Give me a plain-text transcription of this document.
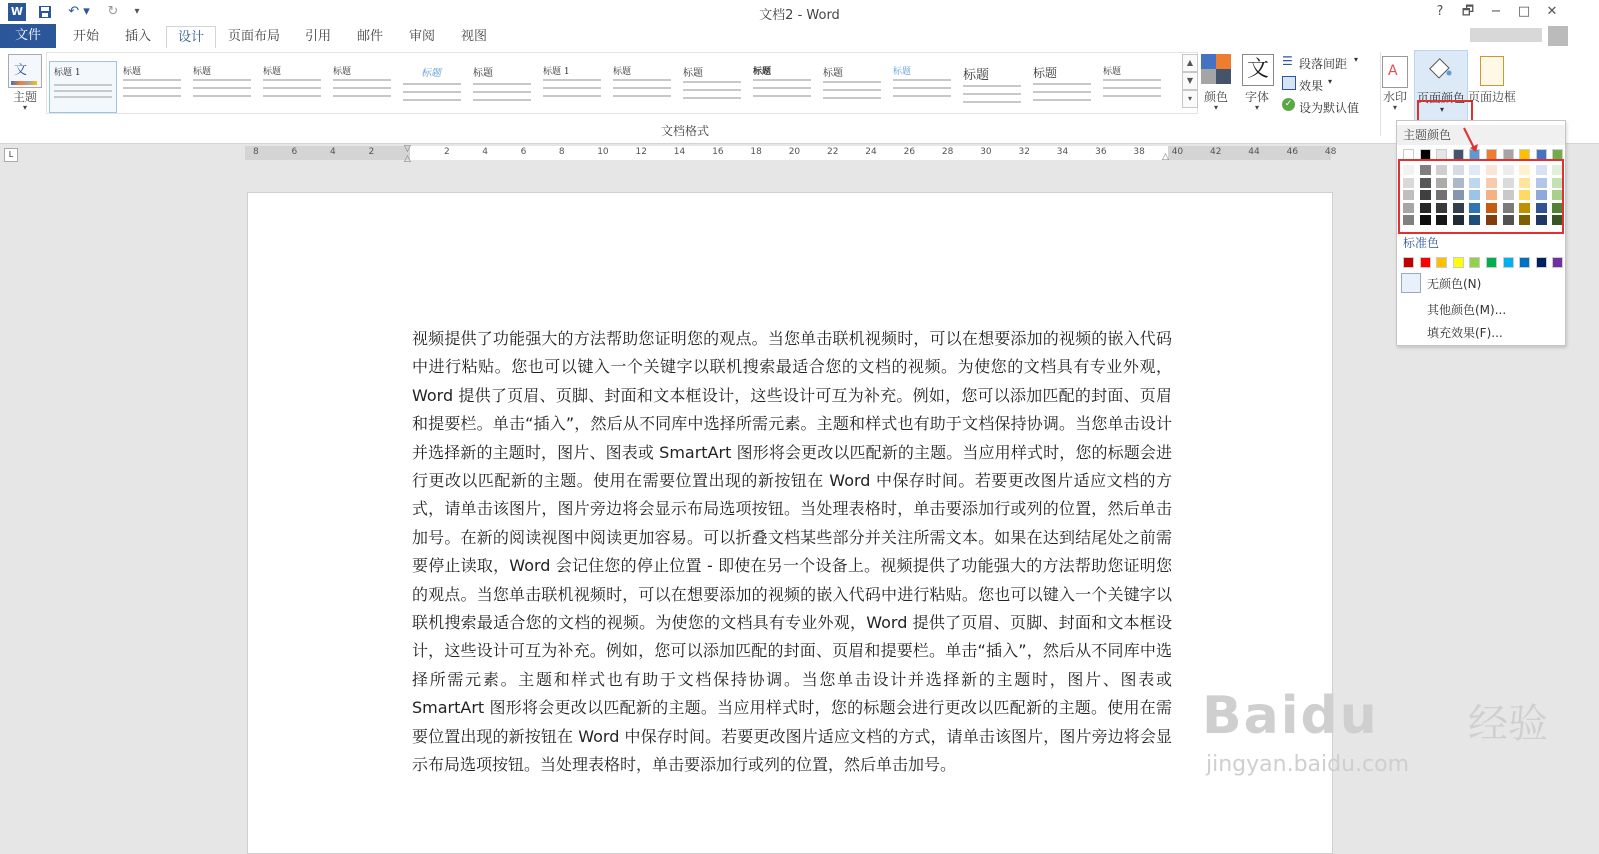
W	↶ ▾ ↻	▾	文档2 - Word	?	🗗	−	□	✕
文件	开始	插入	设计	页面布局	引用	邮件	审阅	视图
文
主题
▾
标题 1	标题	标题	标题	标题	标题	标题	标题 1	标题	标题	标题	标题	标题	标题	标题	标题
▲
▼
▾
文档格式
颜色
▾
文
字体
▾
☰ 段落间距 ▾
效果 ▾
✓ 设为默认值
A
水印
▾
页面颜色
▾
页面边框
L	8	6	4	2	2	4	6	8	10	12	14	16	18	20	22	24	26	28	30	32	34	36	38	40	42	44	46	48
▽
△	△
视频提供了功能强大的方法帮助您证明您的观点。当您单击联机视频时，可以在想要添加的视频的嵌入代码中进行粘贴。您也可以键入一个关键字以联机搜索最适合您的文档的视频。为使您的文档具有专业外观，Word 提供了页眉、页脚、封面和文本框设计，这些设计可互为补充。例如，您可以添加匹配的封面、页眉和提要栏。单击“插入”，然后从不同库中选择所需元素。主题和样式也有助于文档保持协调。当您单击设计并选择新的主题时，图片、图表或 SmartArt 图形将会更改以匹配新的主题。当应用样式时，您的标题会进行更改以匹配新的主题。使用在需要位置出现的新按钮在 Word 中保存时间。若要更改图片适应文档的方式，请单击该图片，图片旁边将会显示布局选项按钮。当处理表格时，单击要添加行或列的位置，然后单击加号。在新的阅读视图中阅读更加容易。可以折叠文档某些部分并关注所需文本。如果在达到结尾处之前需要停止读取，Word 会记住您的停止位置 - 即使在另一个设备上。视频提供了功能强大的方法帮助您证明您的观点。当您单击联机视频时，可以在想要添加的视频的嵌入代码中进行粘贴。您也可以键入一个关键字以联机搜索最适合您的文档的视频。为使您的文档具有专业外观，Word 提供了页眉、页脚、封面和文本框设计，这些设计可互为补充。例如，您可以添加匹配的封面、页眉和提要栏。单击“插入”，然后从不同库中选择所需元素。主题和样式也有助于文档保持协调。当您单击设计并选择新的主题时，图片、图表或 SmartArt 图形将会更改以匹配新的主题。当应用样式时，您的标题会进行更改以匹配新的主题。使用在需要位置出现的新按钮在 Word 中保存时间。若要更改图片适应文档的方式，请单击该图片，图片旁边将会显示布局选项按钮。当处理表格时，单击要添加行或列的位置，然后单击加号。
主题颜色
标准色
无颜色(N)
其他颜色(M)...
填充效果(F)...
Baidu 经验
jingyan.baidu.com
